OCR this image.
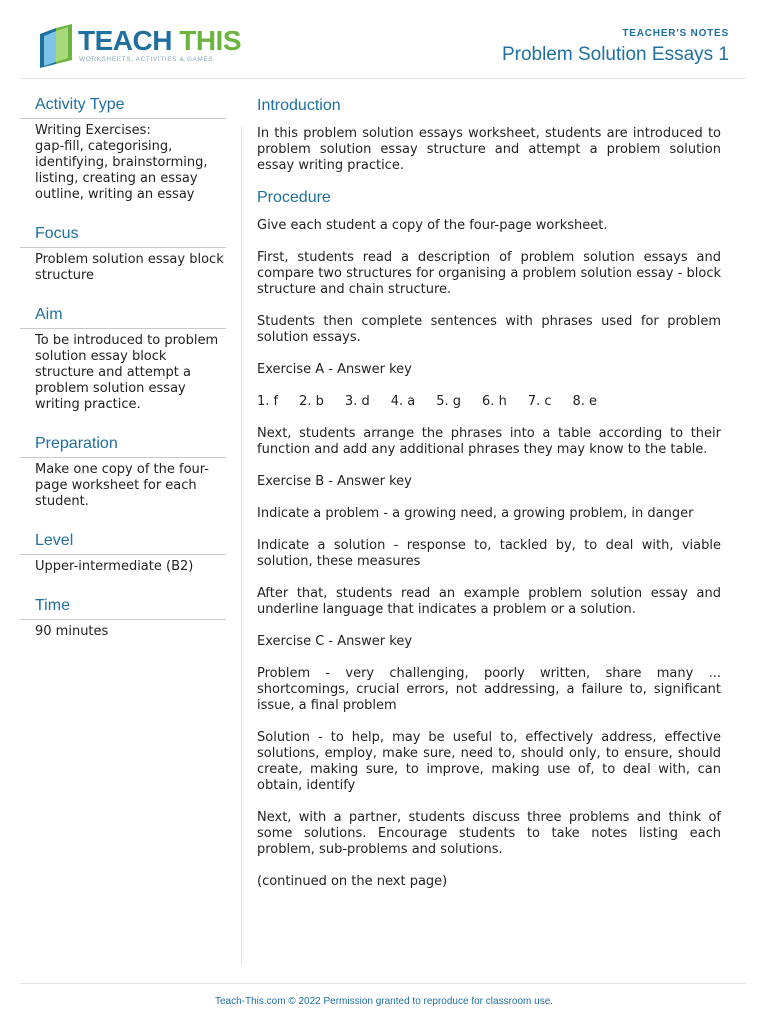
TEACH THIS
WORKSHEETS, ACTIVITIES & GAMES
TEACHER'S NOTES
Problem Solution Essays 1
Activity Type
Writing Exercises:
gap-fill, categorising, identifying, brainstorming, listing, creating an essay outline, writing an essay
Focus
Problem solution essay block structure
Aim
To be introduced to problem solution essay block structure and attempt a problem solution essay writing practice.
Preparation
Make one copy of the four-page worksheet for each student.
Level
Upper-intermediate (B2)
Time
90 minutes
Introduction
In this problem solution essays worksheet, students are introduced to problem solution essay structure and attempt a problem solution essay writing practice.
Procedure
Give each student a copy of the four-page worksheet.
First, students read a description of problem solution essays and compare two structures for organising a problem solution essay - block structure and chain structure.
Students then complete sentences with phrases used for problem solution essays.
Exercise A - Answer key
1. f 2. b 3. d 4. a 5. g 6. h 7. c 8. e
Next, students arrange the phrases into a table according to their function and add any additional phrases they may know to the table.
Exercise B - Answer key
Indicate a problem - a growing need, a growing problem, in danger
Indicate a solution - response to, tackled by, to deal with, viable solution, these measures
After that, students read an example problem solution essay and underline language that indicates a problem or a solution.
Exercise C - Answer key
Problem - very challenging, poorly written, share many ... shortcomings, crucial errors, not addressing, a failure to, significant issue, a final problem
Solution - to help, may be useful to, effectively address, effective solutions, employ, make sure, need to, should only, to ensure, should create, making sure, to improve, making use of, to deal with, can obtain, identify
Next, with a partner, students discuss three problems and think of some solutions. Encourage students to take notes listing each problem, sub-problems and solutions.
(continued on the next page)
Teach-This.com © 2022 Permission granted to reproduce for classroom use.
